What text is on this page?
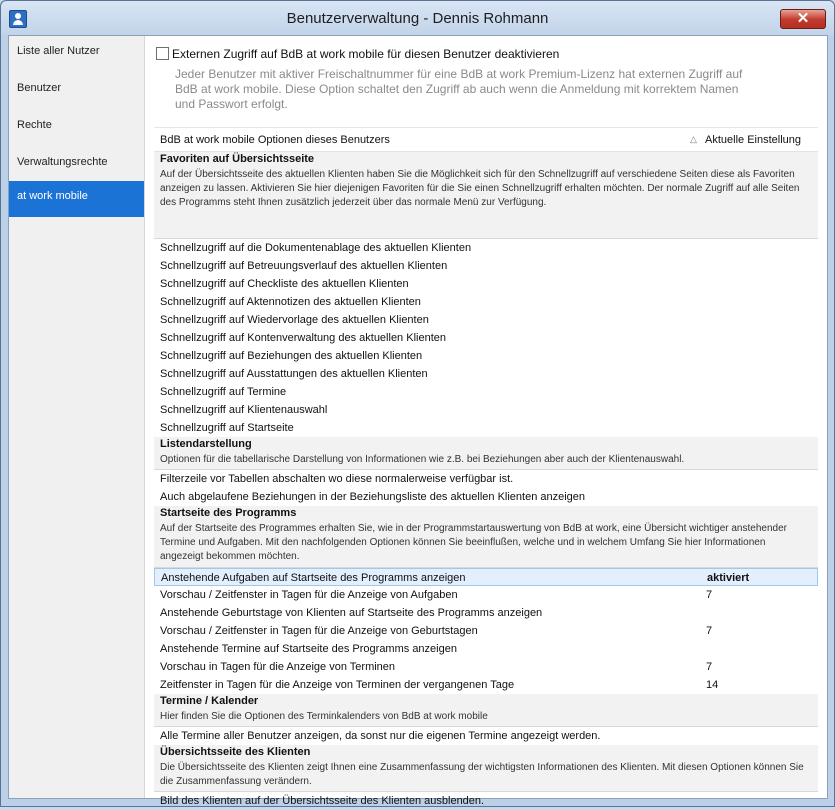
Benutzerverwaltung - Dennis Rohmann	✕
Liste aller Nutzer
Benutzer
Rechte
Verwaltungsrechte
at work mobile
Externen Zugriff auf BdB at work mobile für diesen Benutzer deaktivieren
Jeder Benutzer mit aktiver Freischaltnummer für eine BdB at work Premium-Lizenz hat externen Zugriff auf BdB at work mobile. Diese Option schaltet den Zugriff ab auch wenn die Anmeldung mit korrektem Namen und Passwort erfolgt.
BdB at work mobile Optionen dieses Benutzers	△ Aktuelle Einstellung
Favoriten auf Übersichtsseite
Auf der Übersichtsseite des aktuellen Klienten haben Sie die Möglichkeit sich für den Schnellzugriff auf verschiedene Seiten diese als Favoriten anzeigen zu lassen. Aktivieren Sie hier diejenigen Favoriten für die Sie einen Schnellzugriff erhalten möchten. Der normale Zugriff auf alle Seiten des Programms steht Ihnen zusätzlich jederzeit über das normale Menü zur Verfügung.
Schnellzugriff auf die Dokumentenablage des aktuellen Klienten
Schnellzugriff auf Betreuungsverlauf des aktuellen Klienten
Schnellzugriff auf Checkliste des aktuellen Klienten
Schnellzugriff auf Aktennotizen des aktuellen Klienten
Schnellzugriff auf Wiedervorlage des aktuellen Klienten
Schnellzugriff auf Kontenverwaltung des aktuellen Klienten
Schnellzugriff auf Beziehungen des aktuellen Klienten
Schnellzugriff auf Ausstattungen des aktuellen Klienten
Schnellzugriff auf Termine
Schnellzugriff auf Klientenauswahl
Schnellzugriff auf Startseite
Listendarstellung
Optionen für die tabellarische Darstellung von Informationen wie z.B. bei Beziehungen aber auch der Klientenauswahl.
Filterzeile vor Tabellen abschalten wo diese normalerweise verfügbar ist.
Auch abgelaufene Beziehungen in der Beziehungsliste des aktuellen Klienten anzeigen
Startseite des Programms
Auf der Startseite des Programmes erhalten Sie, wie in der Programmstartauswertung von BdB at work, eine Übersicht wichtiger anstehender Termine und Aufgaben. Mit den nachfolgenden Optionen können Sie beeinflußen, welche und in welchem Umfang Sie hier Informationen angezeigt bekommen möchten.
Anstehende Aufgaben auf Startseite des Programms anzeigen	aktiviert
Vorschau / Zeitfenster in Tagen für die Anzeige von Aufgaben	7
Anstehende Geburtstage von Klienten auf Startseite des Programms anzeigen
Vorschau / Zeitfenster in Tagen für die Anzeige von Geburtstagen	7
Anstehende Termine auf Startseite des Programms anzeigen
Vorschau in Tagen für die Anzeige von Terminen	7
Zeitfenster in Tagen für die Anzeige von Terminen der vergangenen Tage	14
Termine / Kalender
Hier finden Sie die Optionen des Terminkalenders von BdB at work mobile
Alle Termine aller Benutzer anzeigen, da sonst nur die eigenen Termine angezeigt werden.
Übersichtsseite des Klienten
Die Übersichtsseite des Klienten zeigt Ihnen eine Zusammenfassung der wichtigsten Informationen des Klienten. Mit diesen Optionen können Sie die Zusammenfassung verändern.
Bild des Klienten auf der Übersichtsseite des Klienten ausblenden.
